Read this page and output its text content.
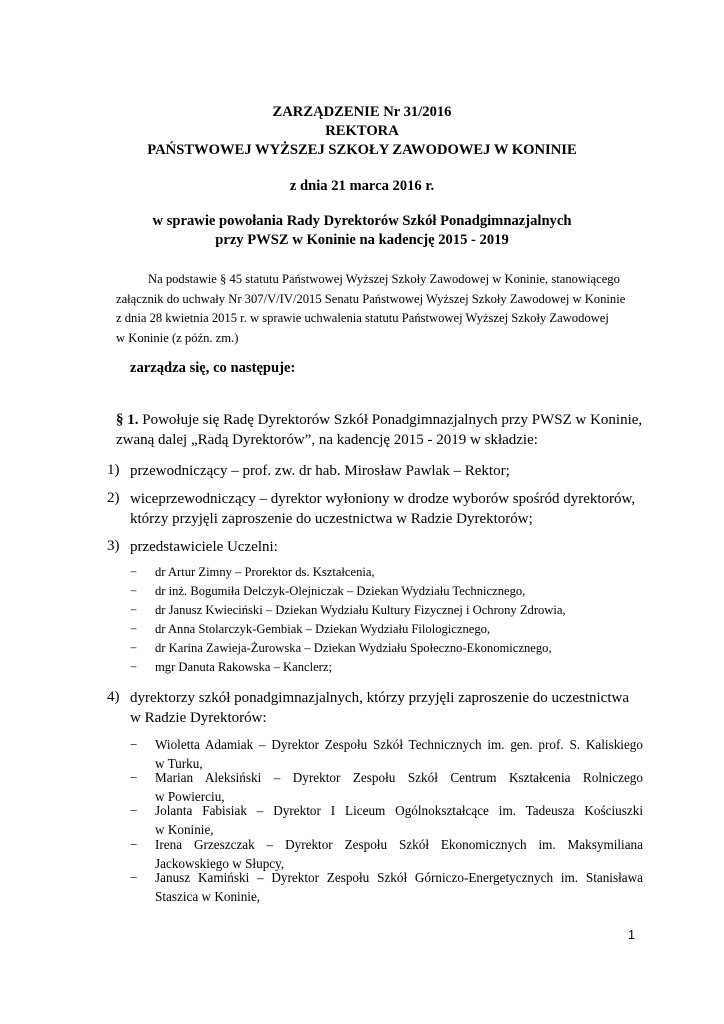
ZARZĄDZENIE Nr 31/2016
REKTORA
PAŃSTWOWEJ WYŻSZEJ SZKOŁY ZAWODOWEJ W KONINIE
z dnia 21 marca 2016 r.
w sprawie powołania Rady Dyrektorów Szkół Ponadgimnazjalnych
przy PWSZ w Koninie na kadencję 2015 - 2019
Na podstawie § 45 statutu Państwowej Wyższej Szkoły Zawodowej w Koninie, stanowiącego
załącznik do uchwały Nr 307/V/IV/2015 Senatu Państwowej Wyższej Szkoły Zawodowej w Koninie
z dnia 28 kwietnia 2015 r. w sprawie uchwalenia statutu Państwowej Wyższej Szkoły Zawodowej
w Koninie (z późn. zm.)
zarządza się, co następuje:
§ 1. Powołuje się Radę Dyrektorów Szkół Ponadgimnazjalnych przy PWSZ w Koninie,
zwaną dalej „Radą Dyrektorów”, na kadencję 2015 - 2019 w składzie:
1) przewodniczący – prof. zw. dr hab. Mirosław Pawlak – Rektor;
2) wiceprzewodniczący – dyrektor wyłoniony w drodze wyborów spośród dyrektorów,
którzy przyjęli zaproszenie do uczestnictwa w Radzie Dyrektorów;
3) przedstawiciele Uczelni:
− dr Artur Zimny – Prorektor ds. Kształcenia,
− dr inż. Bogumiła Delczyk-Olejniczak – Dziekan Wydziału Technicznego,
− dr Janusz Kwieciński – Dziekan Wydziału Kultury Fizycznej i Ochrony Zdrowia,
− dr Anna Stolarczyk-Gembiak – Dziekan Wydziału Filologicznego,
− dr Karina Zawieja-Żurowska – Dziekan Wydziału Społeczno-Ekonomicznego,
− mgr Danuta Rakowska – Kanclerz;
4) dyrektorzy szkół ponadgimnazjalnych, którzy przyjęli zaproszenie do uczestnictwa
w Radzie Dyrektorów:
− Wioletta Adamiak – Dyrektor Zespołu Szkół Technicznych im. gen. prof. S. Kaliskiego
w Turku,
− Marian Aleksiński – Dyrektor Zespołu Szkół Centrum Kształcenia Rolniczego
w Powierciu,
− Jolanta Fabisiak – Dyrektor I Liceum Ogólnokształcące im. Tadeusza Kościuszki
w Koninie,
− Irena Grzeszczak – Dyrektor Zespołu Szkół Ekonomicznych im. Maksymiliana
Jackowskiego w Słupcy,
− Janusz Kamiński – Dyrektor Zespołu Szkół Górniczo-Energetycznych im. Stanisława
Staszica w Koninie,
1
